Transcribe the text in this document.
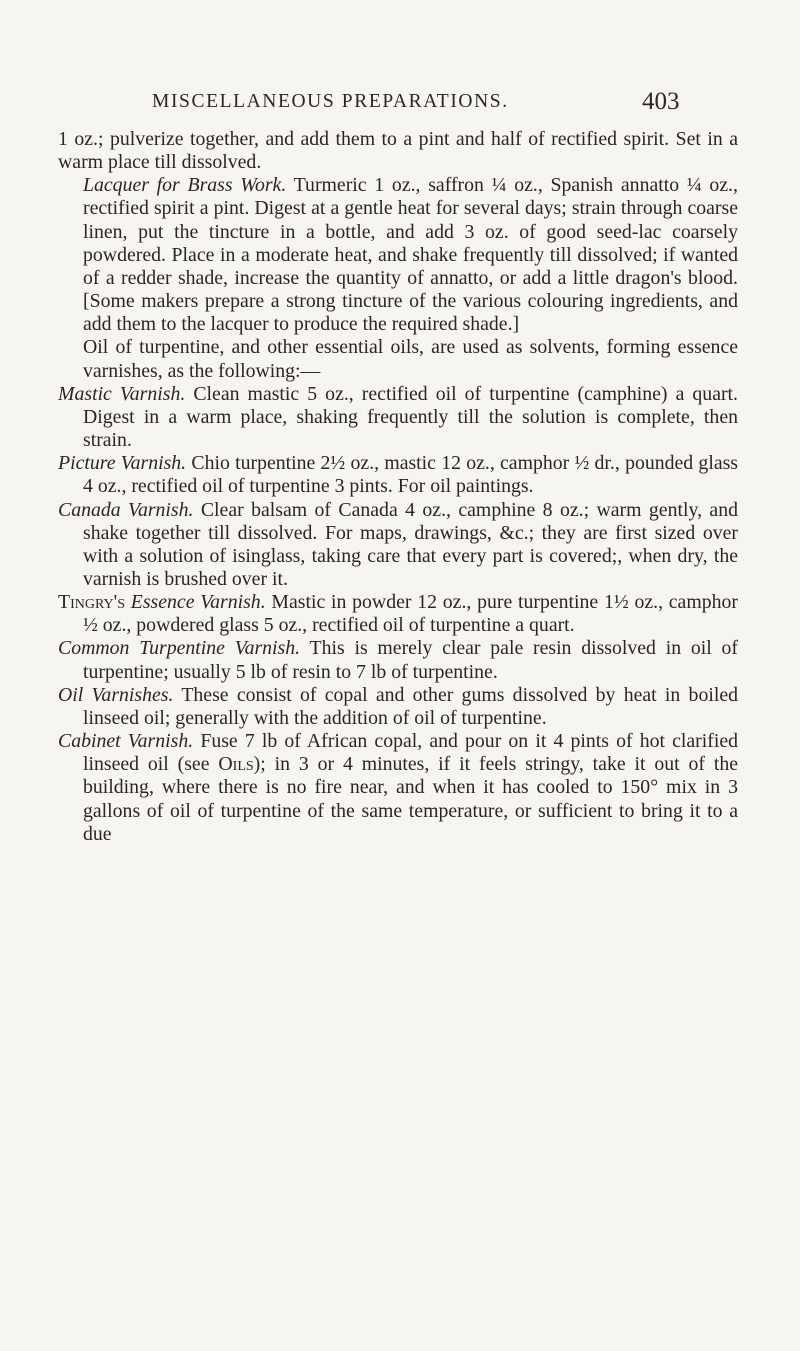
MISCELLANEOUS PREPARATIONS.	403

1 oz.; pulverize together, and add them to a pint and half of rectified spirit. Set in a warm place till dissolved.

Lacquer for Brass Work. Turmeric 1 oz., saffron ¼ oz., Spanish annatto ¼ oz., rectified spirit a pint. Digest at a gentle heat for several days; strain through coarse linen, put the tincture in a bottle, and add 3 oz. of good seed-lac coarsely powdered. Place in a moderate heat, and shake frequently till dissolved; if wanted of a redder shade, increase the quantity of annatto, or add a little dragon's blood. [Some makers prepare a strong tincture of the various colouring ingredients, and add them to the lacquer to produce the required shade.]

Oil of turpentine, and other essential oils, are used as solvents, forming essence varnishes, as the following:—

Mastic Varnish. Clean mastic 5 oz., rectified oil of turpentine (camphine) a quart. Digest in a warm place, shaking frequently till the solution is complete, then strain.

Picture Varnish. Chio turpentine 2½ oz., mastic 12 oz., camphor ½ dr., pounded glass 4 oz., rectified oil of turpentine 3 pints. For oil paintings.

Canada Varnish. Clear balsam of Canada 4 oz., camphine 8 oz.; warm gently, and shake together till dissolved. For maps, drawings, &c.; they are first sized over with a solution of isinglass, taking care that every part is covered;, when dry, the varnish is brushed over it.

Tingry's Essence Varnish. Mastic in powder 12 oz., pure turpentine 1½ oz., camphor ½ oz., powdered glass 5 oz., rectified oil of turpentine a quart.

Common Turpentine Varnish. This is merely clear pale resin dissolved in oil of turpentine; usually 5 lb of resin to 7 lb of turpentine.

Oil Varnishes. These consist of copal and other gums dissolved by heat in boiled linseed oil; generally with the addition of oil of turpentine.

Cabinet Varnish. Fuse 7 lb of African copal, and pour on it 4 pints of hot clarified linseed oil (see Oils); in 3 or 4 minutes, if it feels stringy, take it out of the building, where there is no fire near, and when it has cooled to 150° mix in 3 gallons of oil of turpentine of the same temperature, or sufficient to bring it to a due
